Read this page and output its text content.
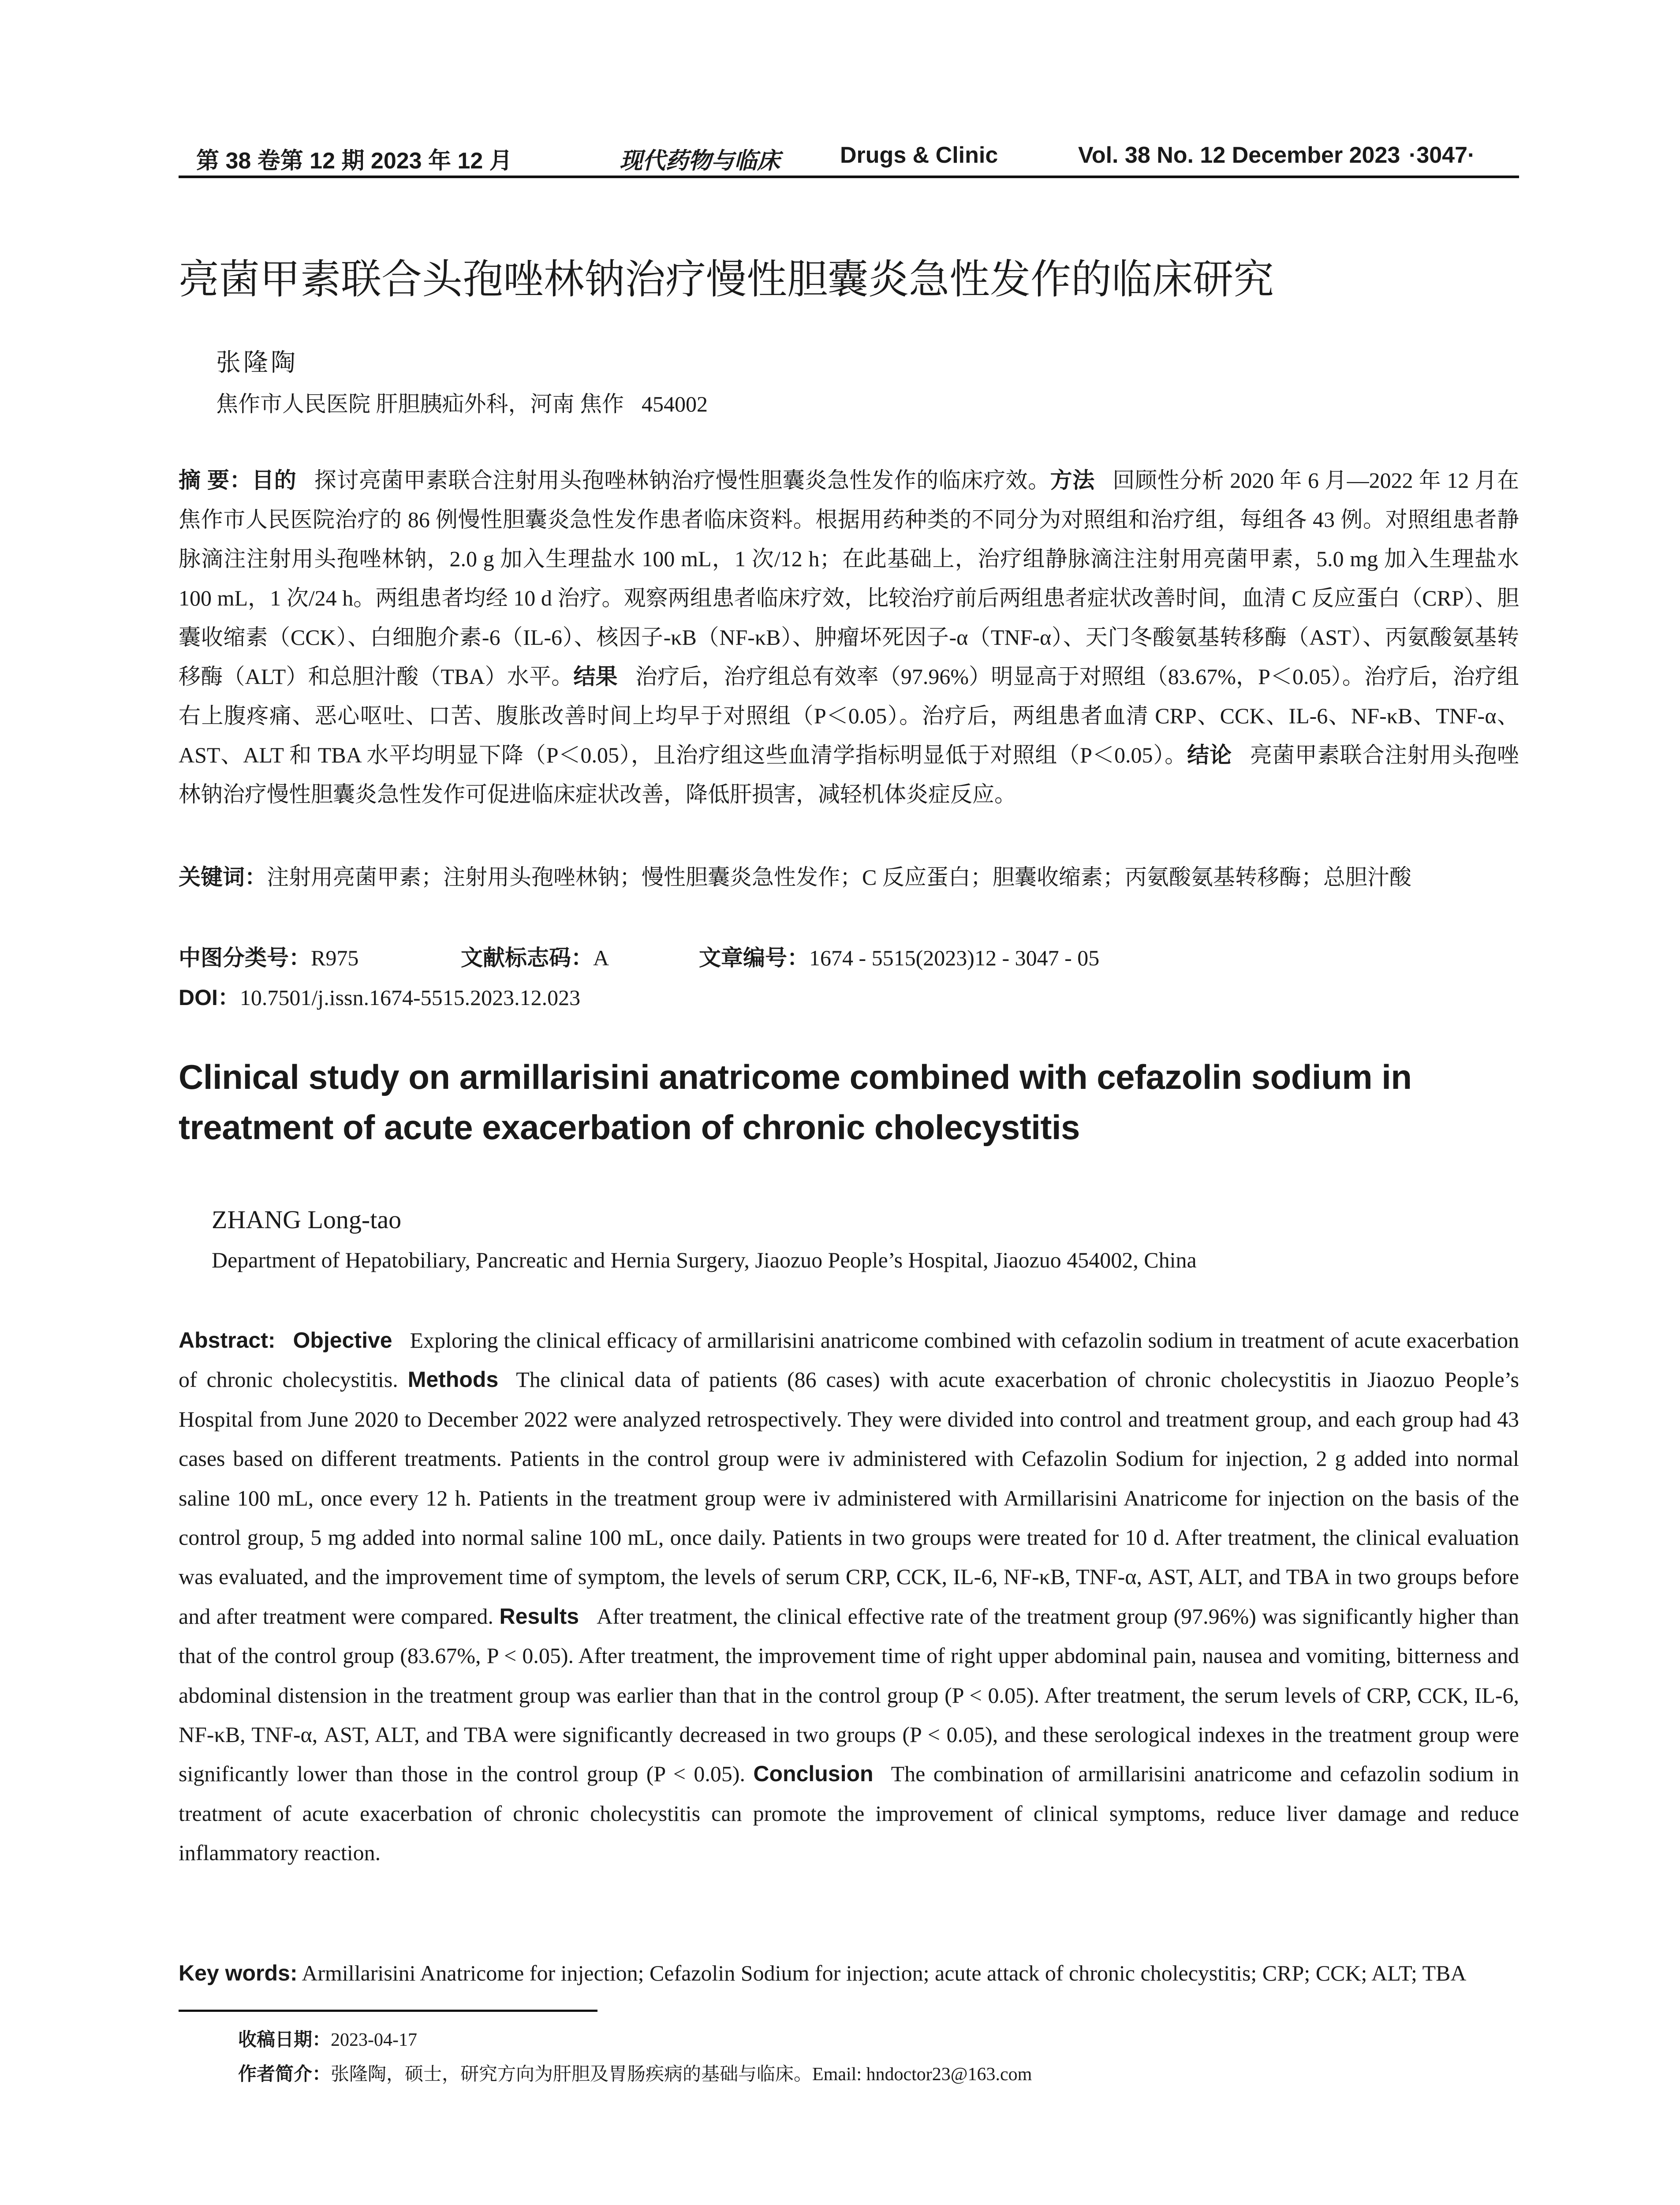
第 38 卷第 12 期 2023 年 12 月	现代药物与临床	Drugs & Clinic	Vol. 38 No. 12 December 2023 ·3047·
亮菌甲素联合头孢唑林钠治疗慢性胆囊炎急性发作的临床研究
张隆陶
焦作市人民医院 肝胆胰疝外科，河南 焦作 454002
摘 要：目的 探讨亮菌甲素联合注射用头孢唑林钠治疗慢性胆囊炎急性发作的临床疗效。方法 回顾性分析 2020 年 6 月—2022 年 12 月在焦作市人民医院治疗的 86 例慢性胆囊炎急性发作患者临床资料。根据用药种类的不同分为对照组和治疗组，每组各 43 例。对照组患者静脉滴注注射用头孢唑林钠，2.0 g 加入生理盐水 100 mL，1 次/12 h；在此基础上，治疗组静脉滴注注射用亮菌甲素，5.0 mg 加入生理盐水 100 mL，1 次/24 h。两组患者均经 10 d 治疗。观察两组患者临床疗效，比较治疗前后两组患者症状改善时间，血清 C 反应蛋白（CRP）、胆囊收缩素（CCK）、白细胞介素-6（IL-6）、核因子-κB（NF-κB）、肿瘤坏死因子-α（TNF-α）、天门冬酸氨基转移酶（AST）、丙氨酸氨基转移酶（ALT）和总胆汁酸（TBA）水平。结果 治疗后，治疗组总有效率（97.96%）明显高于对照组（83.67%，P＜0.05）。治疗后，治疗组右上腹疼痛、恶心呕吐、口苦、腹胀改善时间上均早于对照组（P＜0.05）。治疗后，两组患者血清 CRP、CCK、IL-6、NF-κB、TNF-α、AST、ALT 和 TBA 水平均明显下降（P＜0.05），且治疗组这些血清学指标明显低于对照组（P＜0.05）。结论 亮菌甲素联合注射用头孢唑林钠治疗慢性胆囊炎急性发作可促进临床症状改善，降低肝损害，减轻机体炎症反应。
关键词：注射用亮菌甲素；注射用头孢唑林钠；慢性胆囊炎急性发作；C 反应蛋白；胆囊收缩素；丙氨酸氨基转移酶；总胆汁酸
中图分类号：R975	文献标志码：A	文章编号：1674 - 5515(2023)12 - 3047 - 05
DOI：10.7501/j.issn.1674-5515.2023.12.023
Clinical study on armillarisini anatricome combined with cefazolin sodium in treatment of acute exacerbation of chronic cholecystitis
ZHANG Long-tao
Department of Hepatobiliary, Pancreatic and Hernia Surgery, Jiaozuo People’s Hospital, Jiaozuo 454002, China
Abstract: Objective Exploring the clinical efficacy of armillarisini anatricome combined with cefazolin sodium in treatment of acute exacerbation of chronic cholecystitis. Methods The clinical data of patients (86 cases) with acute exacerbation of chronic cholecystitis in Jiaozuo People’s Hospital from June 2020 to December 2022 were analyzed retrospectively. They were divided into control and treatment group, and each group had 43 cases based on different treatments. Patients in the control group were iv administered with Cefazolin Sodium for injection, 2 g added into normal saline 100 mL, once every 12 h. Patients in the treatment group were iv administered with Armillarisini Anatricome for injection on the basis of the control group, 5 mg added into normal saline 100 mL, once daily. Patients in two groups were treated for 10 d. After treatment, the clinical evaluation was evaluated, and the improvement time of symptom, the levels of serum CRP, CCK, IL-6, NF-κB, TNF-α, AST, ALT, and TBA in two groups before and after treatment were compared. Results After treatment, the clinical effective rate of the treatment group (97.96%) was significantly higher than that of the control group (83.67%, P < 0.05). After treatment, the improvement time of right upper abdominal pain, nausea and vomiting, bitterness and abdominal distension in the treatment group was earlier than that in the control group (P < 0.05). After treatment, the serum levels of CRP, CCK, IL-6, NF-κB, TNF-α, AST, ALT, and TBA were significantly decreased in two groups (P < 0.05), and these serological indexes in the treatment group were significantly lower than those in the control group (P < 0.05). Conclusion The combination of armillarisini anatricome and cefazolin sodium in treatment of acute exacerbation of chronic cholecystitis can promote the improvement of clinical symptoms, reduce liver damage and reduce inflammatory reaction.
Key words: Armillarisini Anatricome for injection; Cefazolin Sodium for injection; acute attack of chronic cholecystitis; CRP; CCK; ALT; TBA
收稿日期：2023-04-17
作者简介：张隆陶，硕士，研究方向为肝胆及胃肠疾病的基础与临床。Email: hndoctor23@163.com
